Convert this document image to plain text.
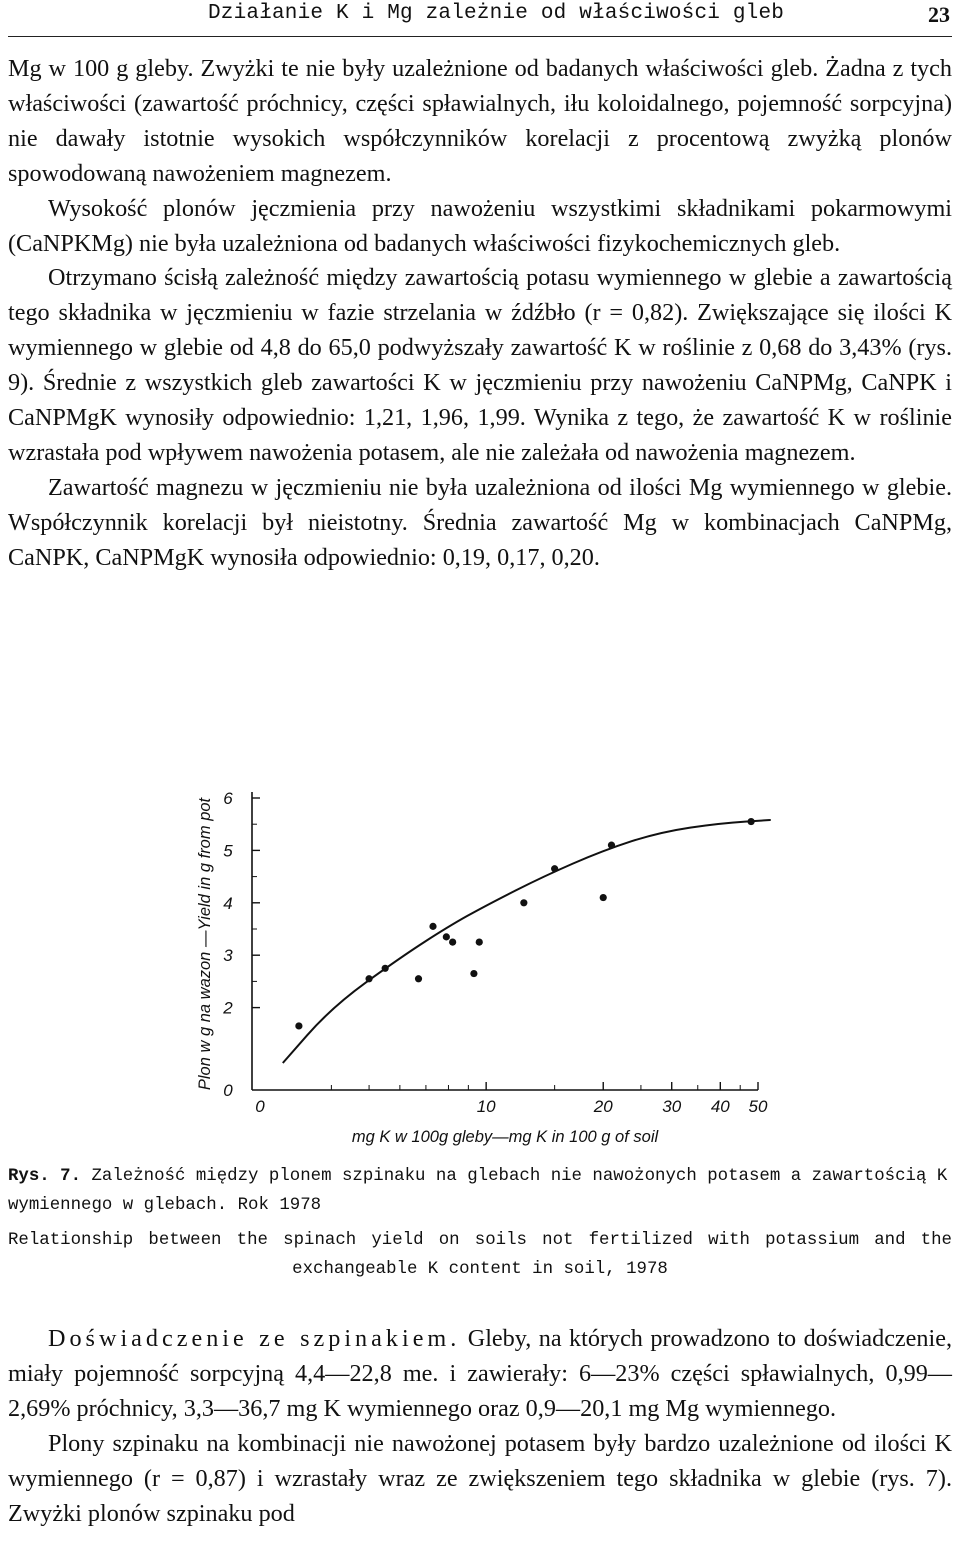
Działanie K i Mg zależnie od właściwości gleb	23

Mg w 100 g gleby. Zwyżki te nie były uzależnione od badanych właściwości gleb. Żadna z tych właściwości (zawartość próchnicy, części spławialnych, iłu koloidalnego, pojemność sorpcyjna) nie dawały istotnie wysokich współczynników korelacji z procentową zwyżką plonów spowodowaną nawożeniem magnezem.

Wysokość plonów jęczmienia przy nawożeniu wszystkimi składnikami pokarmowymi (CaNPKMg) nie była uzależniona od badanych właściwości fizykochemicznych gleb.

Otrzymano ścisłą zależność między zawartością potasu wymiennego w glebie a zawartością tego składnika w jęczmieniu w fazie strzelania w źdźbło (r = 0,82). Zwiększające się ilości K wymiennego w glebie od 4,8 do 65,0 podwyższały zawartość K w roślinie z 0,68 do 3,43% (rys. 9). Średnie z wszystkich gleb zawartości K w jęczmieniu przy nawożeniu CaNPMg, CaNPK i CaNPMgK wynosiły odpowiednio: 1,21, 1,96, 1,99. Wynika z tego, że zawartość K w roślinie wzrastała pod wpływem nawożenia potasem, ale nie zależała od nawożenia magnezem.

Zawartość magnezu w jęczmieniu nie była uzależniona od ilości Mg wymiennego w glebie. Współczynnik korelacji był nieistotny. Średnia zawartość Mg w kombinacjach CaNPMg, CaNPK, CaNPMgK wynosiła odpowiednio: 0,19, 0,17, 0,20.

0
2
3
4
5
6
0	10	20	30 40 50
mg K w 100g gleby—mg K in 100 g of soil
Plon w g na wazon —Yield in g from pot

Rys. 7. Zależność między plonem szpinaku na glebach nie nawożonych potasem a zawartością K wymiennego w glebach. Rok 1978

Relationship between the spinach yield on soils not fertilized with potassium and the exchangeable K content in soil, 1978

Doświadczenie ze szpinakiem. Gleby, na których prowadzono to doświadczenie, miały pojemność sorpcyjną 4,4—22,8 me. i zawierały: 6—23% części spławialnych, 0,99—2,69% próchnicy, 3,3—36,7 mg K wymiennego oraz 0,9—20,1 mg Mg wymiennego.

Plony szpinaku na kombinacji nie nawożonej potasem były bardzo uzależnione od ilości K wymiennego (r = 0,87) i wzrastały wraz ze zwiększeniem tego składnika w glebie (rys. 7). Zwyżki plonów szpinaku pod
